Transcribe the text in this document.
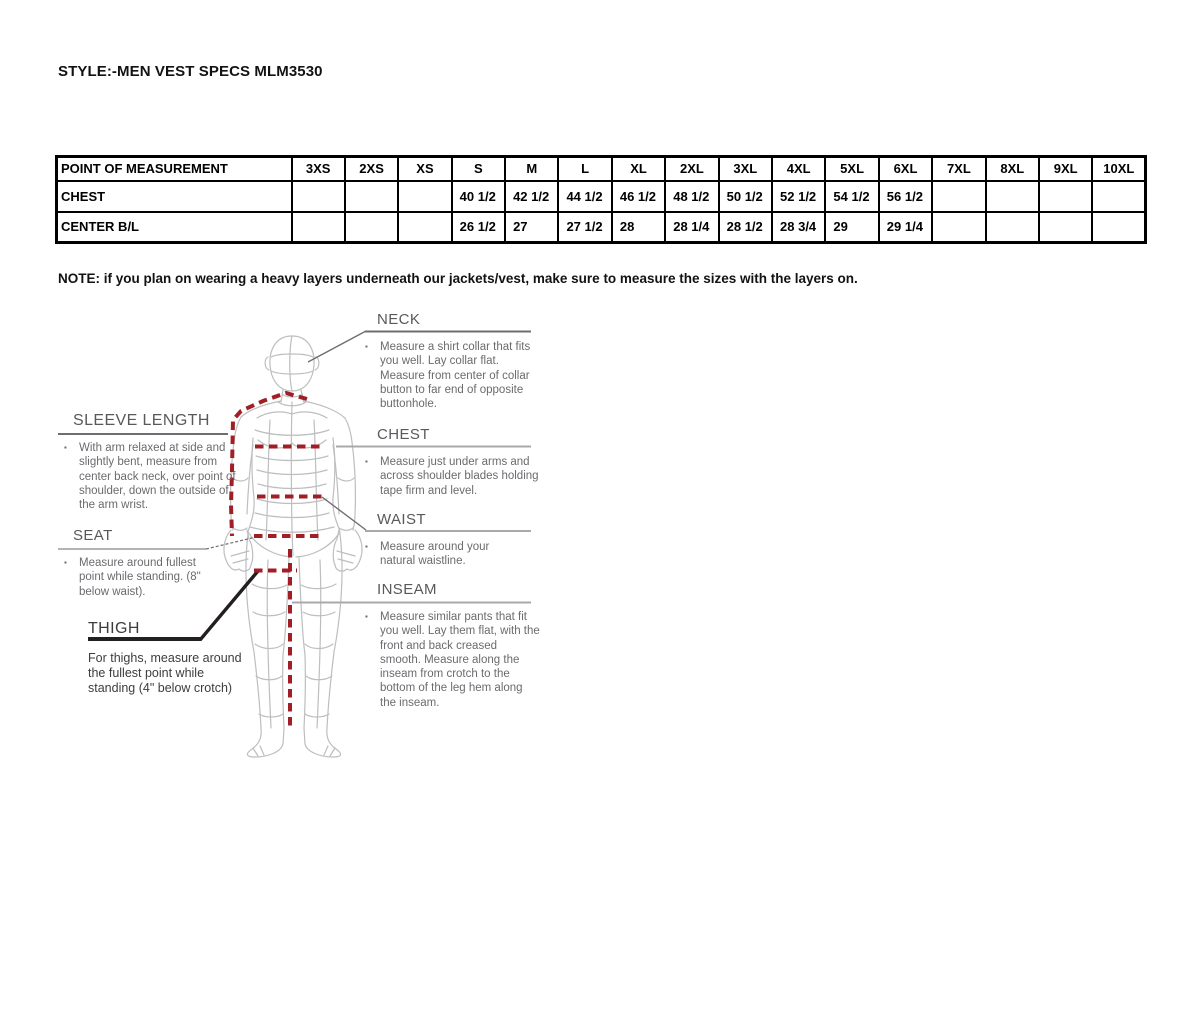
STYLE:-MEN VEST SPECS MLM3530
POINT OF MEASUREMENT	3XS	2XS	XS	S	M	L	XL	2XL	3XL	4XL	5XL	6XL	7XL	8XL	9XL	10XL
CHEST				40 1/2	42 1/2	44 1/2	46 1/2	48 1/2	50 1/2	52 1/2	54 1/2	56 1/2				
CENTER B/L				26 1/2	27	27 1/2	28	28 1/4	28 1/2	28 3/4	29	29 1/4				

NOTE: if you plan on wearing a heavy layers underneath our jackets/vest, make sure to measure the sizes with the layers on.

NECK
▪	Measure a shirt collar that fits you well. Lay collar flat. Measure from center of collar button to far end of opposite buttonhole.
CHEST
▪	Measure just under arms and across shoulder blades holding tape firm and level.
WAIST
▪	Measure around your natural waistline.
INSEAM
▪	Measure similar pants that fit you well. Lay them flat, with the front and back creased smooth. Measure along the inseam from crotch to the bottom of the leg hem along the inseam.
SLEEVE LENGTH
▪	With arm relaxed at side and slightly bent, measure from center back neck, over point of shoulder, down the outside of the arm wrist.
SEAT
▪	Measure around fullest point while standing. (8" below waist).
THIGH
For thighs, measure around the fullest point while standing (4" below crotch)
